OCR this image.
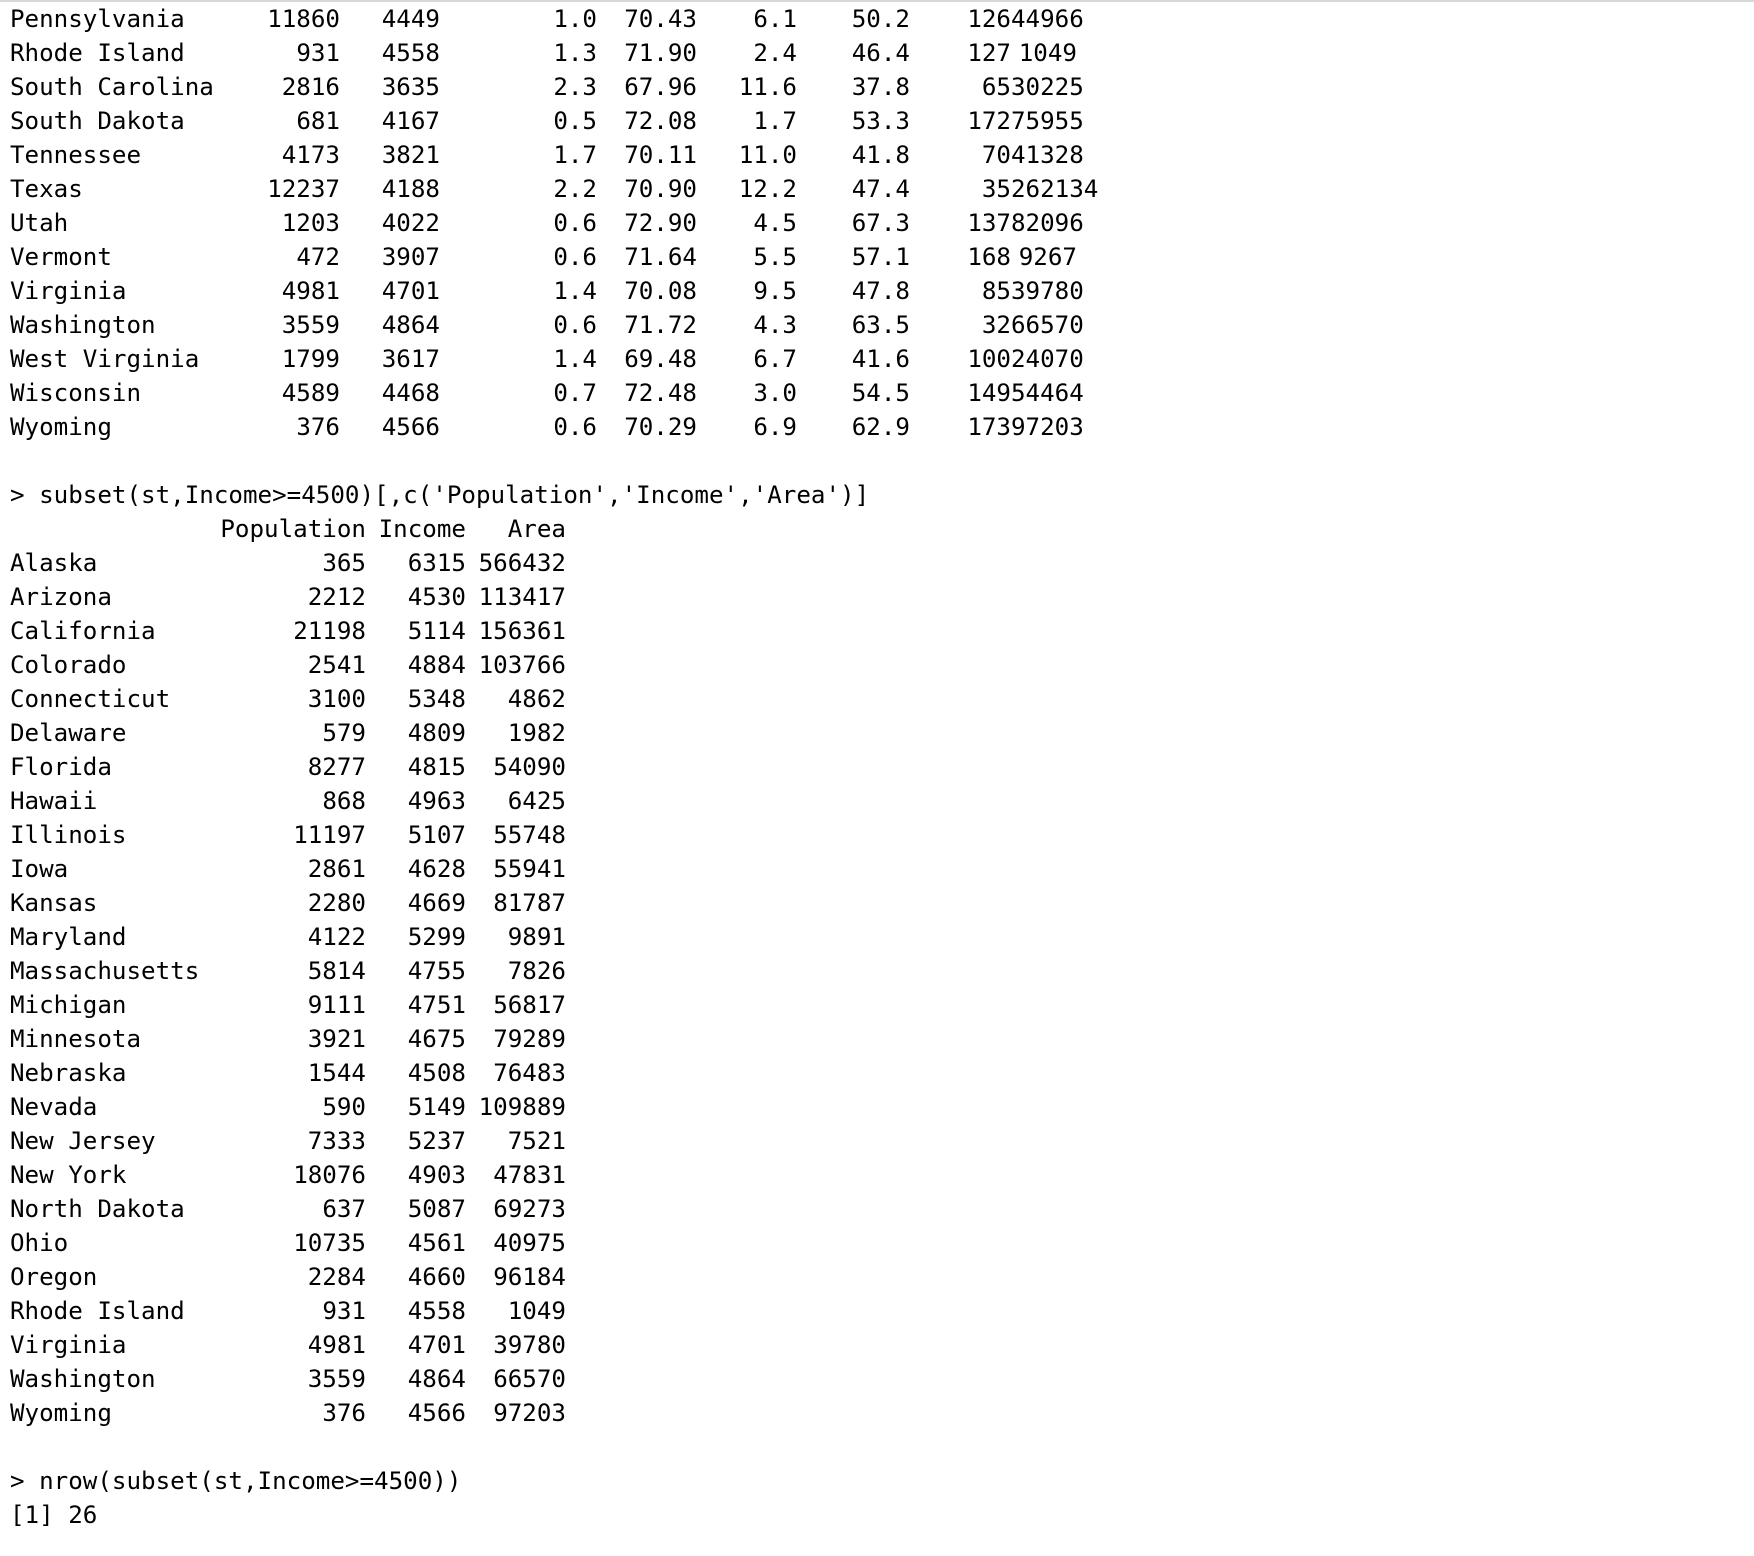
Pennsylvania	11860 4449	1.0 70.43 6.1 50.2 12644966
Rhode Island	931 4558	1.3 71.90 2.4 46.4 127 1049
South Carolina	2816 3635	2.3 67.96 11.6 37.8	6530225
South Dakota	681 4167	0.5 72.08 1.7 53.3 17275955
Tennessee	4173 3821	1.7 70.11 11.0 41.8	7041328
Texas	12237 4188	2.2 70.90 12.2 47.4	35262134
Utah	1203 4022	0.6 72.90 4.5 67.3 13782096
Vermont	472 3907	0.6 71.64 5.5 57.1 168 9267
Virginia	4981 4701	1.4 70.08 9.5 47.8	8539780
Washington	3559 4864	0.6 71.72 4.3 63.5	3266570
West Virginia	1799 3617	1.4 69.48 6.7 41.6 10024070
Wisconsin	4589 4468	0.7 72.48 3.0 54.5 14954464
Wyoming	376 4566	0.6 70.29 6.9 62.9 17397203
> subset(st,Income>=4500)[,c('Population','Income','Area')]
Population Income	Area
Alaska	365	6315 566432
Arizona	2212	4530 113417
California	21198	5114 156361
Colorado	2541	4884 103766
Connecticut	3100	5348	4862
Delaware	579	4809	1982
Florida	8277	4815	54090
Hawaii	868	4963	6425
Illinois	11197	5107	55748
Iowa	2861	4628	55941
Kansas	2280	4669	81787
Maryland	4122	5299	9891
Massachusetts	5814	4755	7826
Michigan	9111	4751	56817
Minnesota	3921	4675	79289
Nebraska	1544	4508	76483
Nevada	590	5149 109889
New Jersey	7333	5237	7521
New York	18076	4903	47831
North Dakota	637	5087	69273
Ohio	10735	4561	40975
Oregon	2284	4660	96184
Rhode Island	931	4558	1049
Virginia	4981	4701	39780
Washington	3559	4864	66570
Wyoming	376	4566	97203
> nrow(subset(st,Income>=4500))
[1] 26
